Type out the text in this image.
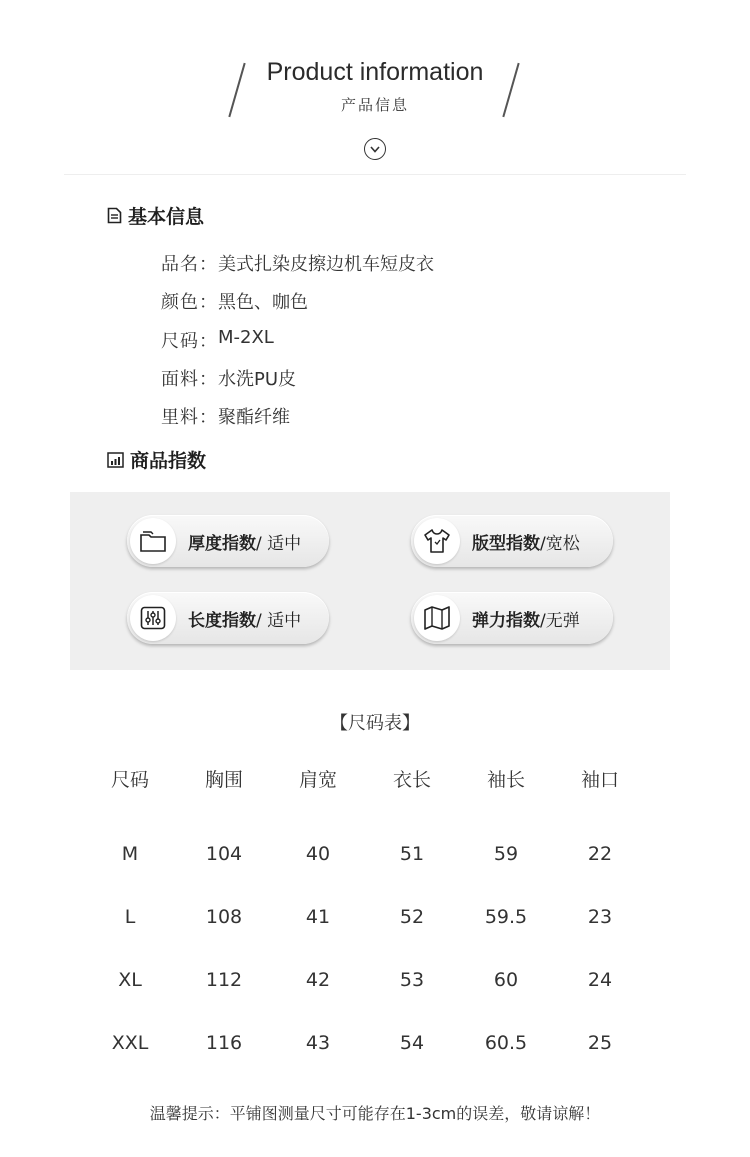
Product information
产品信息
基本信息
品名： 美式扎染皮擦边机车短皮衣
颜色： 黑色、咖色
尺码： M-2XL
面料： 水洗PU皮
里料： 聚酯纤维
商品指数
厚度指数/ 适中	版型指数/宽松
长度指数/ 适中	弹力指数/无弹
【尺码表】
尺码	胸围	肩宽	衣长	袖长	袖口

M	104	40	51	59	22
L	108	41	52	59.5	23
XL	112	42	53	60	24
XXL	116	43	54	60.5	25
温馨提示：平铺图测量尺寸可能存在1-3cm的误差，敬请谅解！
